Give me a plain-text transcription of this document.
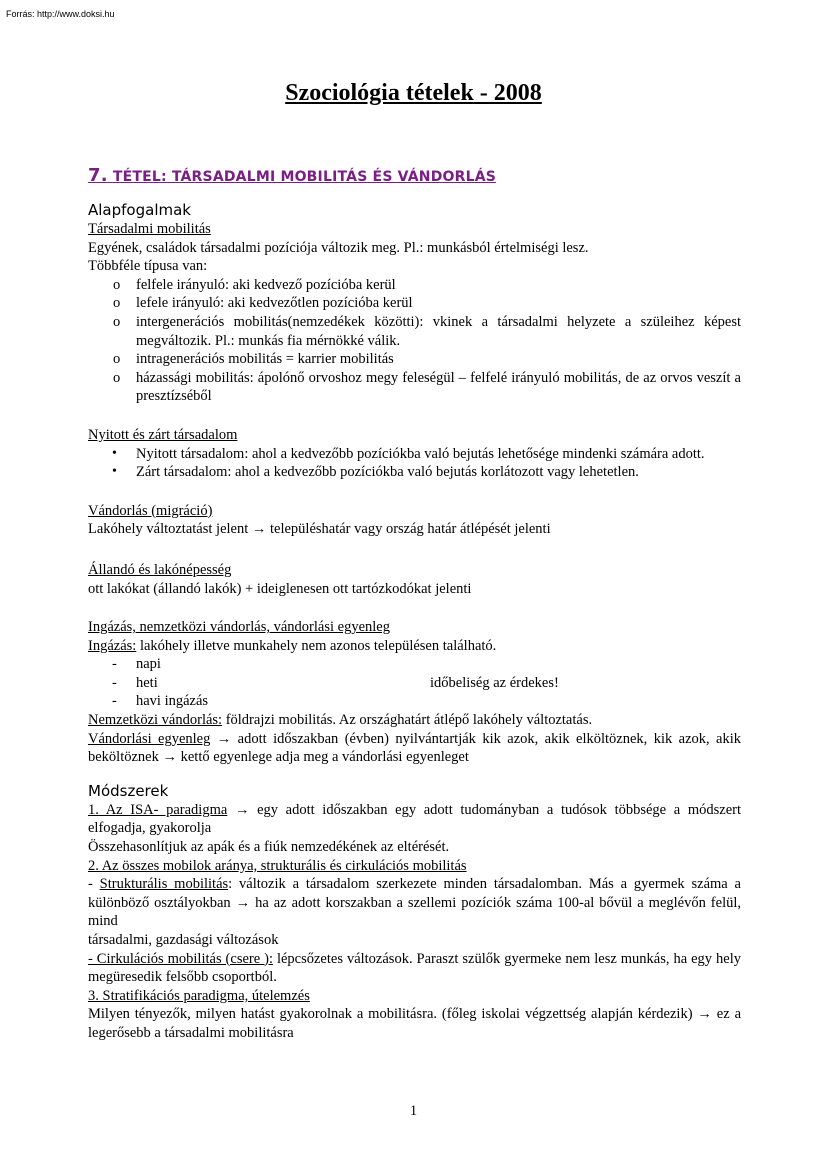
Forrás: http://www.doksi.hu
Szociológia tételek - 2008
7. TÉTEL: TÁRSADALMI MOBILITÁS ÉS VÁNDORLÁS
Alapfogalmak

Társadalmi mobilitás

Egyének, családok társadalmi pozíciója változik meg. Pl.: munkásból értelmiségi lesz.

Többféle típusa van:

o felfele irányuló: aki kedvező pozícióba kerül
o lefele irányuló: aki kedvezőtlen pozícióba kerül
o intergenerációs mobilitás(nemzedékek közötti): vkinek a társadalmi helyzete a szüleihez képest megváltozik. Pl.: munkás fia mérnökké válik.
o intragenerációs mobilitás = karrier mobilitás
o házassági mobilitás: ápolónő orvoshoz megy feleségül – felfelé irányuló mobilitás, de az orvos veszít a presztízséből

Nyitott és zárt társadalom

• Nyitott társadalom: ahol a kedvezőbb pozíciókba való bejutás lehetősége mindenki számára adott.
• Zárt társadalom: ahol a kedvezőbb pozíciókba való bejutás korlátozott vagy lehetetlen.

Vándorlás (migráció)

Lakóhely változtatást jelent → településhatár vagy ország határ átlépését jelenti

Állandó és lakónépesség

ott lakókat (állandó lakók) + ideiglenesen ott tartózkodókat jelenti

Ingázás, nemzetközi vándorlás, vándorlási egyenleg

Ingázás: lakóhely illetve munkahely nem azonos településen található.

- napi
- heti	időbeliség az érdekes!
- havi ingázás

Nemzetközi vándorlás: földrajzi mobilitás. Az országhatárt átlépő lakóhely változtatás.

Vándorlási egyenleg → adott időszakban (évben) nyilvántartják kik azok, akik elköltöznek, kik azok, akik beköltöznek → kettő egyenlege adja meg a vándorlási egyenleget

Módszerek

1. Az ISA- paradigma → egy adott időszakban egy adott tudományban a tudósok többsége a módszert elfogadja, gyakorolja

Összehasonlítjuk az apák és a fiúk nemzedékének az eltérését.

2. Az összes mobilok aránya, strukturális és cirkulációs mobilitás

- Strukturális mobilitás: változik a társadalom szerkezete minden társadalomban. Más a gyermek száma a különböző osztályokban → ha az adott korszakban a szellemi pozíciók száma 100-al bővül a meglévőn felül, mind

társadalmi, gazdasági változások

- Cirkulációs mobilitás (csere ): lépcsőzetes változások. Paraszt szülők gyermeke nem lesz munkás, ha egy hely megüresedik felsőbb csoportból.

3. Stratifikációs paradigma, útelemzés

Milyen tényezők, milyen hatást gyakorolnak a mobilitásra. (főleg iskolai végzettség alapján kérdezik) → ez a legerősebb a társadalmi mobilitásra

1
